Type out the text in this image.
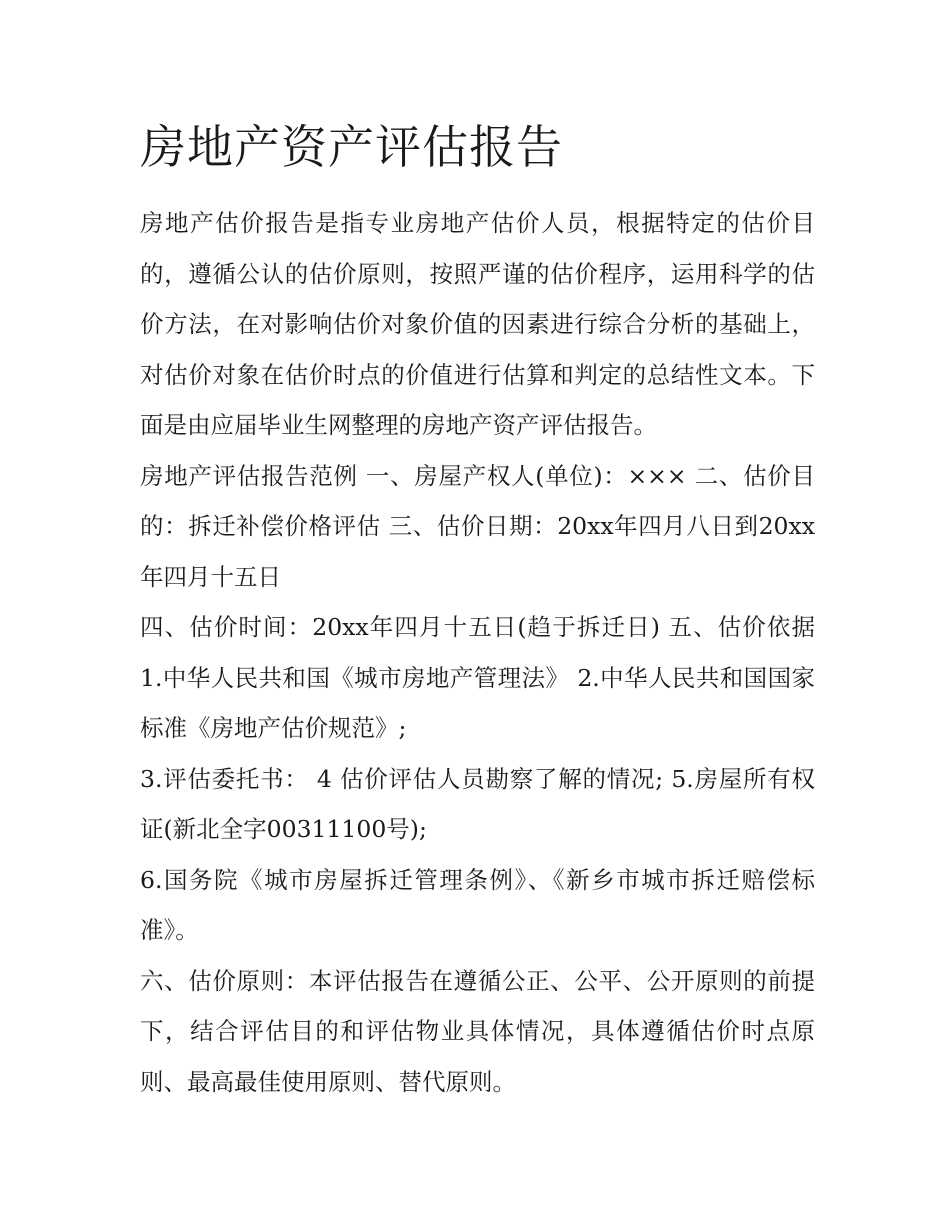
房地产资产评估报告

房地产估价报告是指专业房地产估价人员，根据特定的估价目的，遵循公认的估价原则，按照严谨的估价程序，运用科学的估价方法，在对影响估价对象价值的因素进行综合分析的基础上，对估价对象在估价时点的价值进行估算和判定的总结性文本。下面是由应届毕业生网整理的房地产资产评估报告。

房地产评估报告范例 一、房屋产权人(单位)：××× 二、估价目的：拆迁补偿价格评估 三、估价日期：20xx年四月八日到20xx年四月十五日

四、估价时间：20xx年四月十五日(趋于拆迁日) 五、估价依据 1.中华人民共和国《城市房地产管理法》 2.中华人民共和国国家标准《房地产估价规范》;

3.评估委托书： 4 估价评估人员勘察了解的情况; 5.房屋所有权证(新北全字00311100号);

6.国务院《城市房屋拆迁管理条例》、《新乡市城市拆迁赔偿标准》。

六、估价原则：本评估报告在遵循公正、公平、公开原则的前提下，结合评估目的和评估物业具体情况，具体遵循估价时点原则、最高最佳使用原则、替代原则。
